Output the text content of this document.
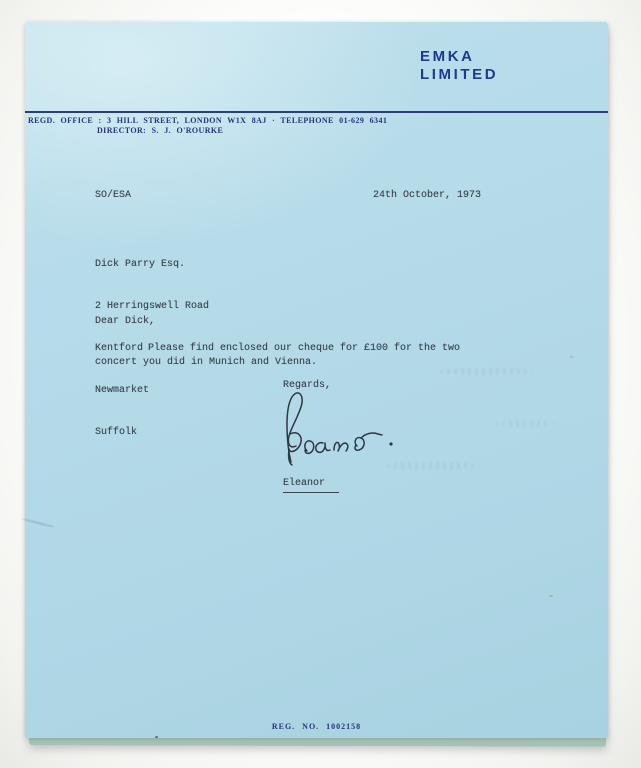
EMKA
LIMITED
REGD. OFFICE : 3 HILL STREET, LONDON W1X 8AJ · TELEPHONE 01-629 6341
DIRECTOR: S. J. O'ROURKE
SO/ESA	24th October, 1973

Dick Parry Esq.

2 Herringswell Road

Kentford

Newmarket

Suffolk

Dear Dick,
Please find enclosed our cheque for £100 for the two
concert you did in Munich and Vienna.
Regards,
Eleanor
REG. NO. 1002158
